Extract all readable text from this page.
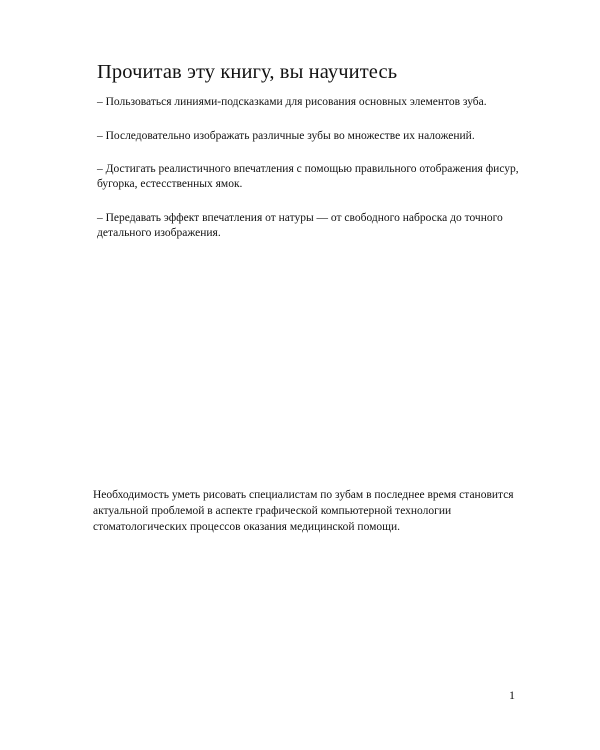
Прочитав эту книгу, вы научитесь
– Пользоваться линиями-подсказками для рисования основных элементов зуба.
– Последовательно изображать различные зубы во множестве их наложений.
– Достигать реалистичного впечатления с помощью правильного отображения фисур, бугорка, естесственных ямок.
– Передавать эффект впечатления от натуры — от свободного наброска до точного детального изображения.

Необходимость уметь рисовать специалистам по зубам в последнее время становится актуальной проблемой в аспекте графической компьютерной технологии стоматологических процессов оказания медицинской помощи.

1
